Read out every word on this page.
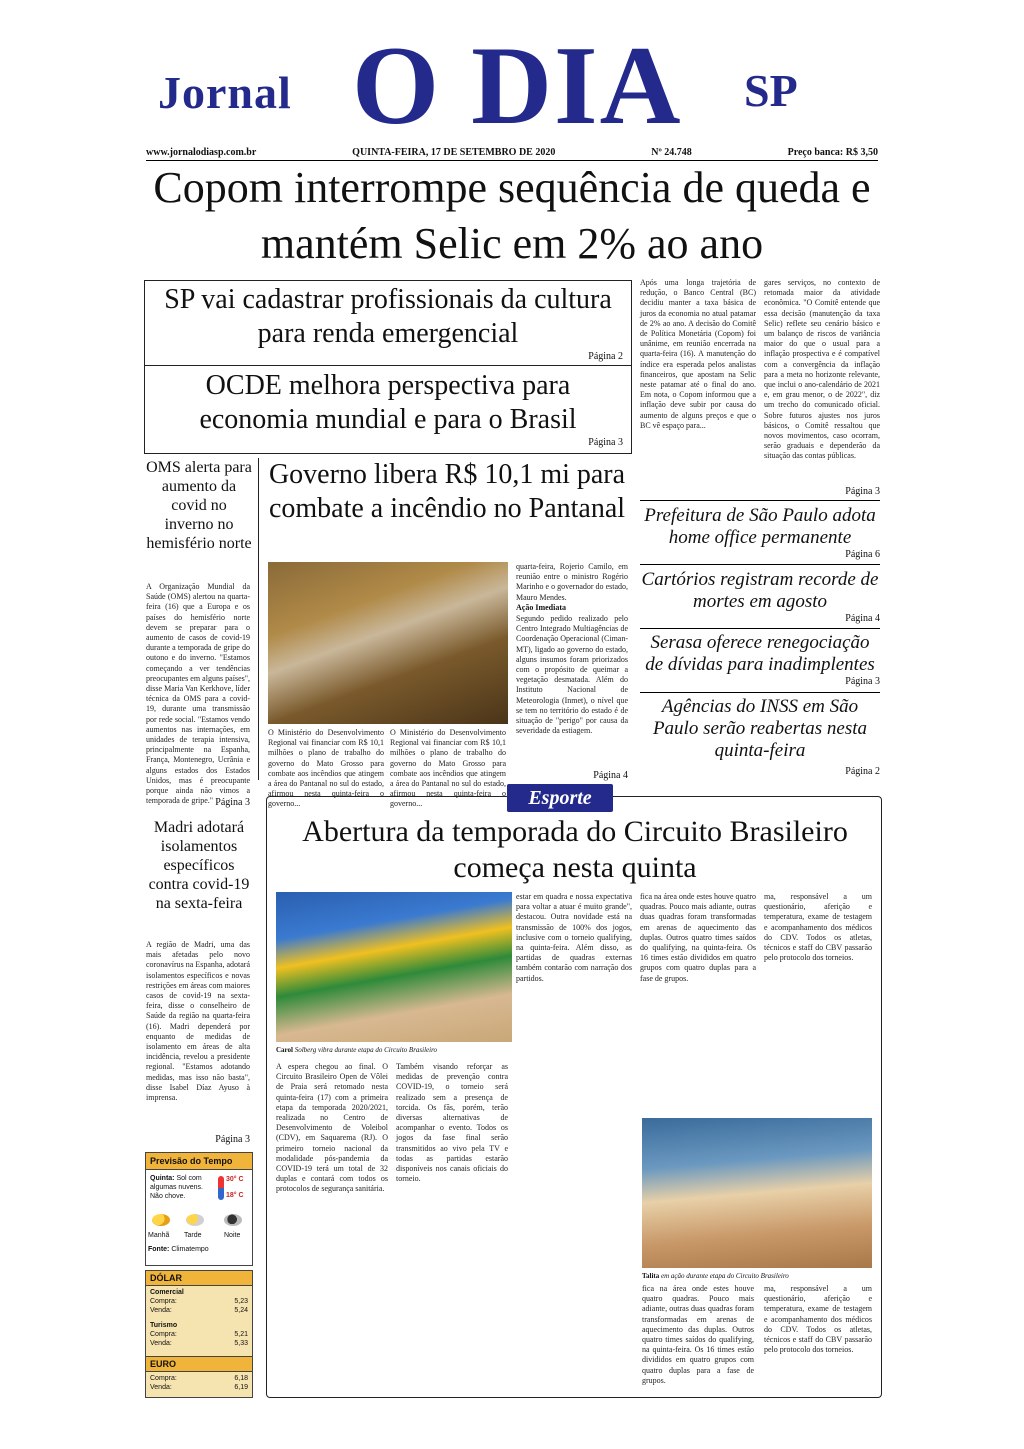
Jornal O DIA SP
www.jornalodiasp.com.br	QUINTA-FEIRA, 17 DE SETEMBRO DE 2020	Nº 24.748	Preço banca: R$ 3,50
Copom interrompe sequência de queda e mantém Selic em 2% ao ano
SP vai cadastrar profissionais da cultura para renda emergencial
Página 2
OCDE melhora perspectiva para economia mundial e para o Brasil
Página 3
Após uma longa trajetória de redução, o Banco Central (BC) decidiu manter a taxa básica de juros da economia no atual patamar de 2% ao ano. A decisão do Comitê de Política Monetária (Copom) foi unânime, em reunião encerrada na quarta-feira (16). A manutenção do índice era esperada pelos analistas financeiros, que apostam na Selic neste patamar até o final do ano. Em nota, o Copom informou que a inflação deve subir por causa do aumento de alguns preços e que o BC vê espaço para...
gares serviços, no contexto de retomada maior da atividade econômica. "O Comitê entende que essa decisão (manutenção da taxa Selic) reflete seu cenário básico e um balanço de riscos de variância maior do que o usual para a inflação prospectiva e é compatível com a convergência da inflação para a meta no horizonte relevante, que inclui o ano-calendário de 2021 e, em grau menor, o de 2022", diz um trecho do comunicado oficial. Sobre futuros ajustes nos juros básicos, o Comitê ressaltou que novos movimentos, caso ocorram, serão graduais e dependerão da situação das contas públicas.
Página 3
Prefeitura de São Paulo adota home office permanente
Página 6
Cartórios registram recorde de mortes em agosto
Página 4
Serasa oferece renegociação de dívidas para inadimplentes
Página 3
Agências do INSS em São Paulo serão reabertas nesta quinta-feira
Página 2
OMS alerta para aumento da covid no inverno no hemisfério norte
A Organização Mundial da Saúde (OMS) alertou na quarta-feira (16) que a Europa e os países do hemisfério norte devem se preparar para o aumento de casos de covid-19 durante a temporada de gripe do outono e do inverno. "Estamos começando a ver tendências preocupantes em alguns países", disse Maria Van Kerkhove, líder técnica da OMS para a covid-19, durante uma transmissão por rede social. "Estamos vendo aumentos nas internações, em unidades de terapia intensiva, principalmente na Espanha, França, Montenegro, Ucrânia e alguns estados dos Estados Unidos, mas é preocupante porque ainda não vimos a temporada de gripe." Página 3
Governo libera R$ 10,1 mi para combate a incêndio no Pantanal
O Ministério do Desenvolvimento Regional vai financiar com R$ 10,1 milhões o plano de trabalho do governo do Mato Grosso para combate aos incêndios que atingem a área do Pantanal no sul do estado, afirmou nesta quinta-feira o governo...
O Ministério do Desenvolvimento Regional vai financiar com R$ 10,1 milhões o plano de trabalho do governo do Mato Grosso para combate aos incêndios que atingem a área do Pantanal no sul do estado, afirmou nesta quinta-feira o governo...
quarta-feira, Rojerio Camilo, em reunião entre o ministro Rogério Marinho e o governador do estado, Mauro Mendes.
Ação Imediata
Segundo pedido realizado pelo Centro Integrado Multiagências de Coordenação Operacional (Ciman-MT), ligado ao governo do estado, alguns insumos foram priorizados com o propósito de queimar a vegetação desmatada. Além do Instituto Nacional de Meteorologia (Inmet), o nível que se tem no território do estado é de situação de "perigo" por causa da severidade da estiagem.
Página 4
Madri adotará isolamentos específicos contra covid-19 na sexta-feira
A região de Madri, uma das mais afetadas pelo novo coronavírus na Espanha, adotará isolamentos específicos e novas restrições em áreas com maiores casos de covid-19 na sexta-feira, disse o conselheiro de Saúde da região na quarta-feira (16). Madri dependerá por enquanto de medidas de isolamento em áreas de alta incidência, revelou a presidente regional. "Estamos adotando medidas, mas isso não basta", disse Isabel Díaz Ayuso à imprensa.
Página 3
Previsão do Tempo
Quinta: Sol com algumas nuvens. Não chove.
30° C
18° C
Manhã Tarde	Noite
Fonte: Climatempo
DÓLAR
Comercial
Compra:	5,23
Venda:	5,24
Turismo
Compra:	5,21
Venda:	5,33
EURO
Compra:	6,18
Venda:	6,19
Esporte
Abertura da temporada do Circuito Brasileiro começa nesta quinta
Carol Solberg vibra durante etapa do Circuito Brasileiro
A espera chegou ao final. O Circuito Brasileiro Open de Vôlei de Praia será retomado nesta quinta-feira (17) com a primeira etapa da temporada 2020/2021, realizada no Centro de Desenvolvimento de Voleibol (CDV), em Saquarema (RJ). O primeiro torneio nacional da modalidade pós-pandemia da COVID-19 terá um total de 32 duplas e contará com todos os protocolos de segurança sanitária.
Também visando reforçar as medidas de prevenção contra COVID-19, o torneio será realizado sem a presença de torcida. Os fãs, porém, terão diversas alternativas de acompanhar o evento. Todos os jogos da fase final serão transmitidos ao vivo pela TV e todas as partidas estarão disponíveis nos canais oficiais do torneio.
estar em quadra e nossa expectativa para voltar a atuar é muito grande", destacou. Outra novidade está na transmissão de 100% dos jogos, inclusive com o torneio qualifying, na quinta-feira. Além disso, as partidas de quadras externas também contarão com narração dos partidos.
fica na área onde estes houve quatro quadras. Pouco mais adiante, outras duas quadras foram transformadas em arenas de aquecimento das duplas. Outros quatro times saídos do qualifying, na quinta-feira. Os 16 times estão divididos em quatro grupos com quatro duplas para a fase de grupos.
ma, responsável a um questionário, aferição e temperatura, exame de testagem e acompanhamento dos médicos do CDV. Todos os atletas, técnicos e staff do CBV passarão pelo protocolo dos torneios.
Talita em ação durante etapa do Circuito Brasileiro
fica na área onde estes houve quatro quadras. Pouco mais adiante, outras duas quadras foram transformadas em arenas de aquecimento das duplas. Outros quatro times saídos do qualifying, na quinta-feira. Os 16 times estão divididos em quatro grupos com quatro duplas para a fase de grupos.
ma, responsável a um questionário, aferição e temperatura, exame de testagem e acompanhamento dos médicos do CDV. Todos os atletas, técnicos e staff do CBV passarão pelo protocolo dos torneios.
